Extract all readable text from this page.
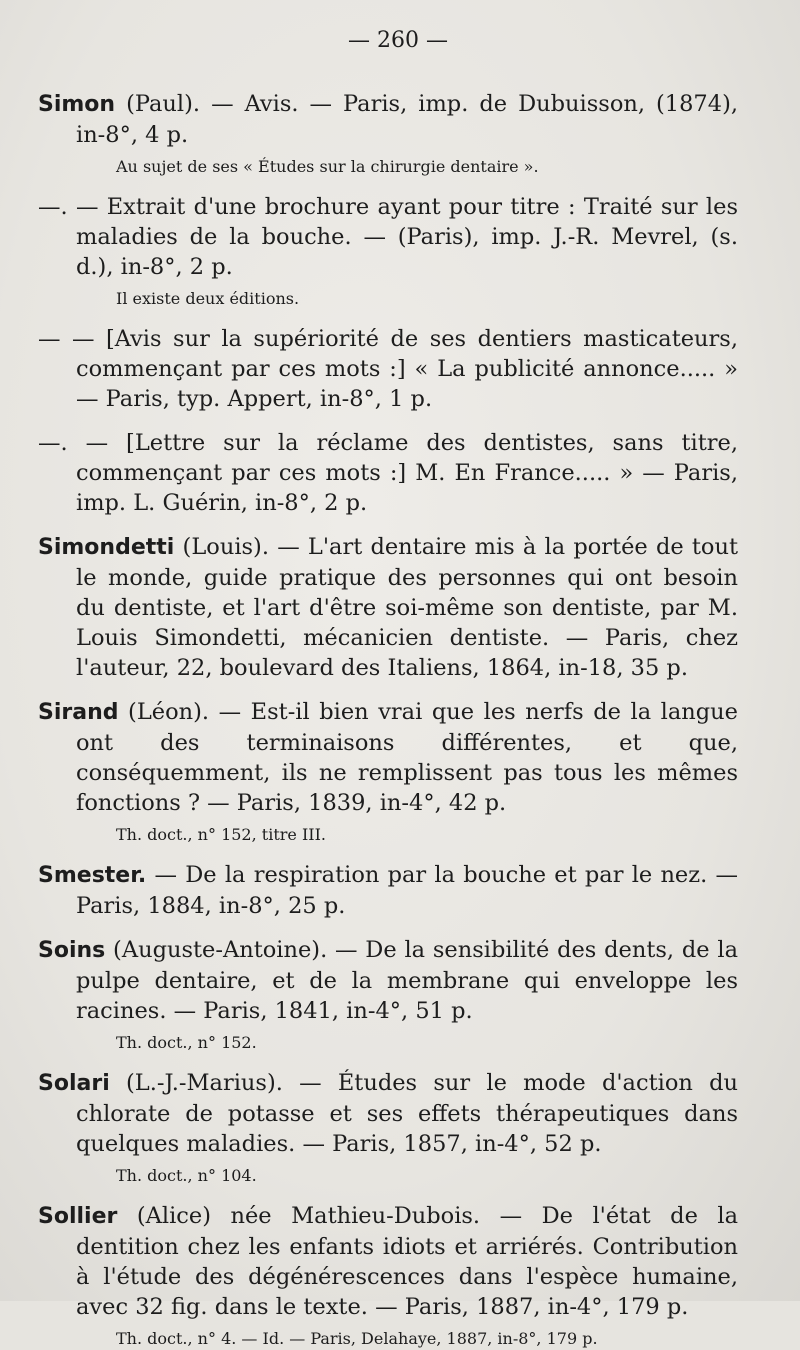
— 260 —

Simon (Paul). — Avis. — Paris, imp. de Dubuisson, (1874), in-8°, 4 p.

Au sujet de ses « Études sur la chirurgie dentaire ».

—. — Extrait d'une brochure ayant pour titre : Traité sur les maladies de la bouche. — (Paris), imp. J.-R. Mevrel, (s. d.), in-8°, 2 p.

Il existe deux éditions.

— — [Avis sur la supériorité de ses dentiers masticateurs, commençant par ces mots :] « La publicité annonce..... » — Paris, typ. Appert, in-8°, 1 p.

—. — [Lettre sur la réclame des dentistes, sans titre, commençant par ces mots :] M. En France..... » — Paris, imp. L. Guérin, in-8°, 2 p.

Simondetti (Louis). — L'art dentaire mis à la portée de tout le monde, guide pratique des personnes qui ont besoin du dentiste, et l'art d'être soi-même son dentiste, par M. Louis Simondetti, mécanicien dentiste. — Paris, chez l'auteur, 22, boulevard des Italiens, 1864, in-18, 35 p.

Sirand (Léon). — Est-il bien vrai que les nerfs de la langue ont des terminaisons différentes, et que, conséquemment, ils ne remplissent pas tous les mêmes fonctions ? — Paris, 1839, in-4°, 42 p.

Th. doct., n° 152, titre III.

Smester. — De la respiration par la bouche et par le nez. — Paris, 1884, in-8°, 25 p.

Soins (Auguste-Antoine). — De la sensibilité des dents, de la pulpe dentaire, et de la membrane qui enveloppe les racines. — Paris, 1841, in-4°, 51 p.

Th. doct., n° 152.

Solari (L.-J.-Marius). — Études sur le mode d'action du chlorate de potasse et ses effets thérapeutiques dans quelques maladies. — Paris, 1857, in-4°, 52 p.

Th. doct., n° 104.

Sollier (Alice) née Mathieu-Dubois. — De l'état de la dentition chez les enfants idiots et arriérés. Contribution à l'étude des dégénérescences dans l'espèce humaine, avec 32 fig. dans le texte. — Paris, 1887, in-4°, 179 p.

Th. doct., n° 4. — Id. — Paris, Delahaye, 1887, in-8°, 179 p.
